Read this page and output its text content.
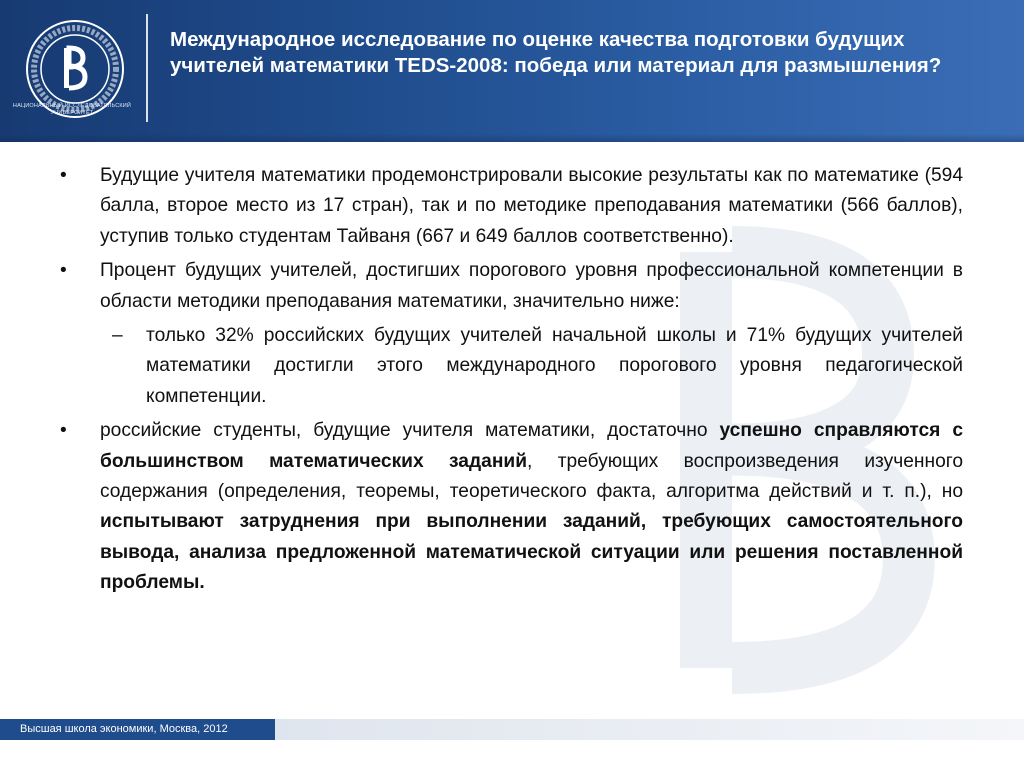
НАЦИОНАЛЬНЫЙ ИССЛЕДОВАТЕЛЬСКИЙ
УНИВЕРСИТЕТ
Международное исследование по оценке качества подготовки будущих учителей математики TEDS-2008: победа или материал для размышления?
•	Будущие учителя математики продемонстрировали высокие результаты как по математике (594 балла, второе место из 17 стран), так и по методике преподавания математики (566 баллов), уступив только студентам Тайваня (667 и 649 баллов соответственно).
•	Процент будущих учителей, достигших порогового уровня профессиональной компетенции в области методики преподавания математики, значительно ниже:
–	только 32% российских будущих учителей начальной школы и 71% будущих учителей математики достигли этого международного порогового уровня педагогической компетенции.
•	российские студенты, будущие учителя математики, достаточно успешно справляются с большинством математических заданий, требующих воспроизведения изученного содержания (определения, теоремы, теоретического факта, алгоритма действий и т. п.), но испытывают затруднения при выполнении заданий, требующих самостоятельного вывода, анализа предложенной математической ситуации или решения поставленной проблемы.
Высшая школа экономики, Москва, 2012
